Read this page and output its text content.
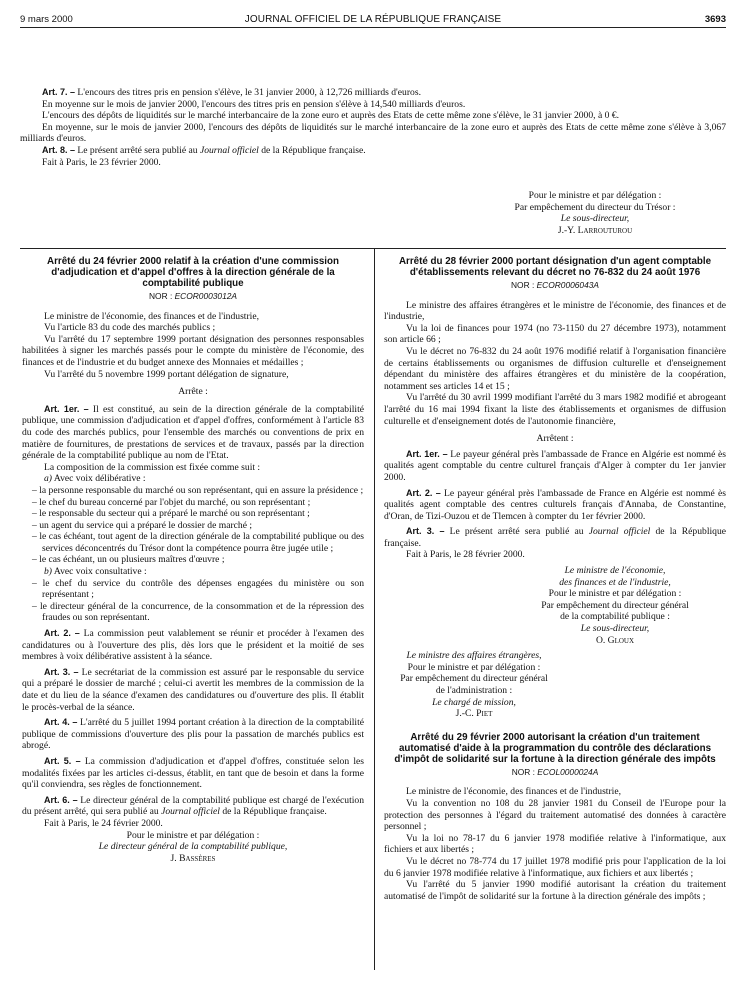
9 mars 2000	JOURNAL OFFICIEL DE LA RÉPUBLIQUE FRANÇAISE	3693
Art. 7. – L'encours des titres pris en pension s'élève, le 31 janvier 2000, à 12,726 milliards d'euros.
En moyenne sur le mois de janvier 2000, l'encours des titres pris en pension s'élève à 14,540 milliards d'euros.
L'encours des dépôts de liquidités sur le marché interbancaire de la zone euro et auprès des Etats de cette même zone s'élève, le 31 janvier 2000, à 0 €.
En moyenne, sur le mois de janvier 2000, l'encours des dépôts de liquidités sur le marché interbancaire de la zone euro et auprès des Etats de cette même zone s'élève à 3,067 milliards d'euros.
Art. 8. – Le présent arrêté sera publié au Journal officiel de la République française.
Fait à Paris, le 23 février 2000.
Pour le ministre et par délégation :
Par empêchement du directeur du Trésor :
Le sous-directeur,
J.-Y. Larrouturou
Arrêté du 24 février 2000 relatif à la création d'une commission d'adjudication et d'appel d'offres à la direction générale de la comptabilité publique
NOR : ECOR0003012A
Le ministre de l'économie, des finances et de l'industrie,
Vu l'article 83 du code des marchés publics ;
Vu l'arrêté du 17 septembre 1999 portant désignation des personnes responsables habilitées à signer les marchés passés pour le compte du ministère de l'économie, des finances et de l'industrie et du budget annexe des Monnaies et médailles ;
Vu l'arrêté du 5 novembre 1999 portant délégation de signature,
Arrête :
Art. 1er. – Il est constitué, au sein de la direction générale de la comptabilité publique, une commission d'adjudication et d'appel d'offres, conformément à l'article 83 du code des marchés publics, pour l'ensemble des marchés ou conventions de prix en matière de fournitures, de prestations de services et de travaux, passés par la direction générale de la comptabilité publique au nom de l'Etat.
La composition de la commission est fixée comme suit :
a) Avec voix délibérative :
– la personne responsable du marché ou son représentant, qui en assure la présidence ;
– le chef du bureau concerné par l'objet du marché, ou son représentant ;
– le responsable du secteur qui a préparé le marché ou son représentant ;
– un agent du service qui a préparé le dossier de marché ;
– le cas échéant, tout agent de la direction générale de la comptabilité publique ou des services déconcentrés du Trésor dont la compétence pourra être jugée utile ;
– le cas échéant, un ou plusieurs maîtres d'œuvre ;
b) Avec voix consultative :
– le chef du service du contrôle des dépenses engagées du ministère ou son représentant ;
– le directeur général de la concurrence, de la consommation et de la répression des fraudes ou son représentant.
Art. 2. – La commission peut valablement se réunir et procéder à l'examen des candidatures ou à l'ouverture des plis, dès lors que le président et la moitié de ses membres à voix délibérative assistent à la séance.
Art. 3. – Le secrétariat de la commission est assuré par le responsable du service qui a préparé le dossier de marché ; celui-ci avertit les membres de la commission de la date et du lieu de la séance d'examen des candidatures ou d'ouverture des plis. Il établit le procès-verbal de la séance.
Art. 4. – L'arrêté du 5 juillet 1994 portant création à la direction de la comptabilité publique de commissions d'ouverture des plis pour la passation de marchés publics est abrogé.
Art. 5. – La commission d'adjudication et d'appel d'offres, constituée selon les modalités fixées par les articles ci-dessus, établit, en tant que de besoin et dans la forme qu'il conviendra, ses règles de fonctionnement.
Art. 6. – Le directeur général de la comptabilité publique est chargé de l'exécution du présent arrêté, qui sera publié au Journal officiel de la République française.
Fait à Paris, le 24 février 2000.
Pour le ministre et par délégation :
Le directeur général de la comptabilité publique,
J. Bassères
Arrêté du 28 février 2000 portant désignation d'un agent comptable d'établissements relevant du décret no 76-832 du 24 août 1976
NOR : ECOR0006043A
Le ministre des affaires étrangères et le ministre de l'économie, des finances et de l'industrie,
Vu la loi de finances pour 1974 (no 73-1150 du 27 décembre 1973), notamment son article 66 ;
Vu le décret no 76-832 du 24 août 1976 modifié relatif à l'organisation financière de certains établissements ou organismes de diffusion culturelle et d'enseignement dépendant du ministère des affaires étrangères et du ministère de la coopération, notamment ses articles 14 et 15 ;
Vu l'arrêté du 30 avril 1999 modifiant l'arrêté du 3 mars 1982 modifié et abrogeant l'arrêté du 16 mai 1994 fixant la liste des établissements et organismes de diffusion culturelle et d'enseignement dotés de l'autonomie financière,
Arrêtent :
Art. 1er. – Le payeur général près l'ambassade de France en Algérie est nommé ès qualités agent comptable du centre culturel français d'Alger à compter du 1er janvier 2000.
Art. 2. – Le payeur général près l'ambassade de France en Algérie est nommé ès qualités agent comptable des centres culturels français d'Annaba, de Constantine, d'Oran, de Tizi-Ouzou et de Tlemcen à compter du 1er février 2000.
Art. 3. – Le présent arrêté sera publié au Journal officiel de la République française.
Fait à Paris, le 28 février 2000.
Le ministre de l'économie,
des finances et de l'industrie,
Pour le ministre et par délégation :
Par empêchement du directeur général
de la comptabilité publique :
Le sous-directeur,
O. Gloux
Le ministre des affaires étrangères,
Pour le ministre et par délégation :
Par empêchement du directeur général
de l'administration :
Le chargé de mission,
J.-C. Piet
Arrêté du 29 février 2000 autorisant la création d'un traitement automatisé d'aide à la programmation du contrôle des déclarations d'impôt de solidarité sur la fortune à la direction générale des impôts
NOR : ECOL0000024A
Le ministre de l'économie, des finances et de l'industrie,
Vu la convention no 108 du 28 janvier 1981 du Conseil de l'Europe pour la protection des personnes à l'égard du traitement automatisé des données à caractère personnel ;
Vu la loi no 78-17 du 6 janvier 1978 modifiée relative à l'informatique, aux fichiers et aux libertés ;
Vu le décret no 78-774 du 17 juillet 1978 modifié pris pour l'application de la loi du 6 janvier 1978 modifiée relative à l'informatique, aux fichiers et aux libertés ;
Vu l'arrêté du 5 janvier 1990 modifié autorisant la création du traitement automatisé de l'impôt de solidarité sur la fortune à la direction générale des impôts ;
